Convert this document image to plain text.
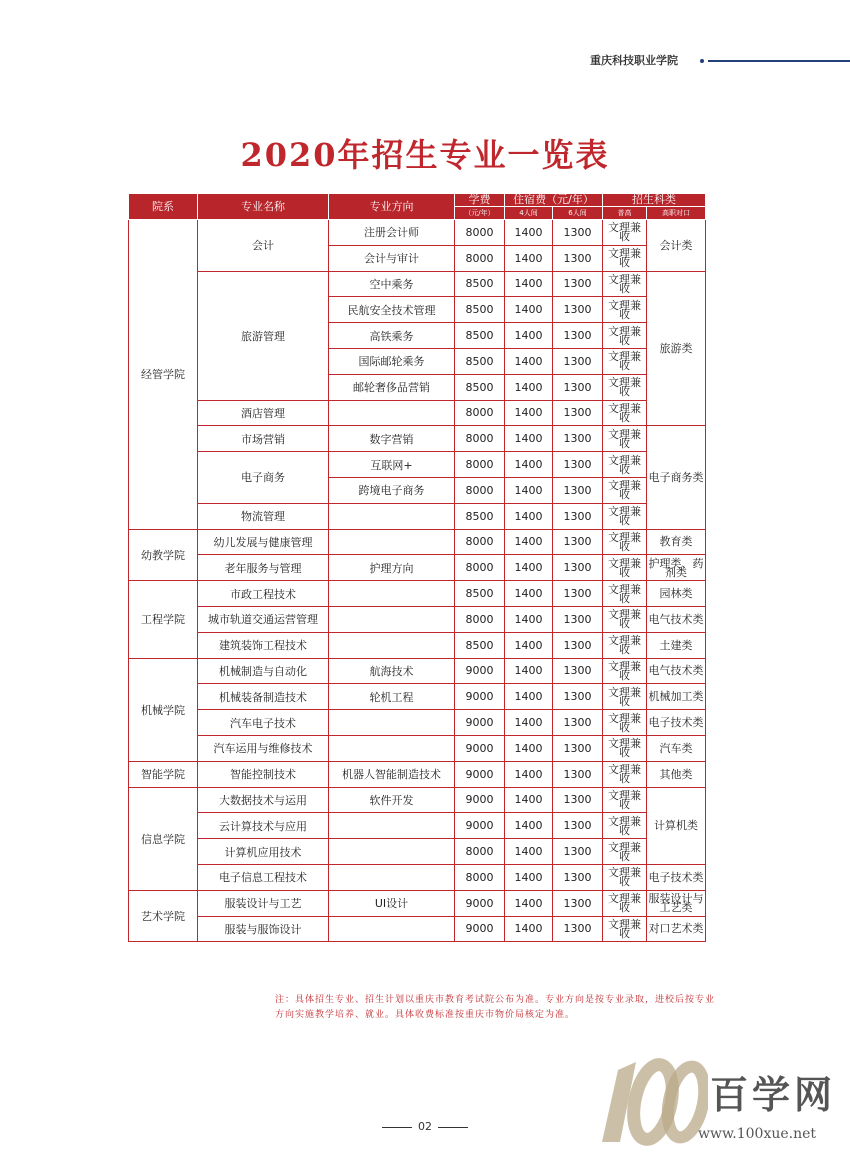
重庆科技职业学院
2020年招生专业一览表
院系	专业名称	专业方向	学费	住宿费（元/年）		招生科类	
			（元/年）	4人间	6人间	普高	高职对口
经管学院	会计	注册会计师	8000	1400	1300	文理兼收	会计类
		会计与审计	8000	1400	1300	文理兼收	
	旅游管理	空中乘务	8500	1400	1300	文理兼收	旅游类
		民航安全技术管理	8500	1400	1300	文理兼收	
		高铁乘务	8500	1400	1300	文理兼收	
		国际邮轮乘务	8500	1400	1300	文理兼收	
		邮轮奢侈品营销	8500	1400	1300	文理兼收	
	酒店管理		8000	1400	1300	文理兼收	
	市场营销	数字营销	8000	1400	1300	文理兼收	电子商务类
	电子商务	互联网+	8000	1400	1300	文理兼收	
		跨境电子商务	8000	1400	1300	文理兼收	
	物流管理		8500	1400	1300	文理兼收	
幼教学院	幼儿发展与健康管理		8000	1400	1300	文理兼收	教育类
	老年服务与管理	护理方向	8000	1400	1300	文理兼收	护理类、药剂类
工程学院	市政工程技术		8500	1400	1300	文理兼收	园林类
	城市轨道交通运营管理		8000	1400	1300	文理兼收	电气技术类
	建筑装饰工程技术		8500	1400	1300	文理兼收	土建类
机械学院	机械制造与自动化	航海技术	9000	1400	1300	文理兼收	电气技术类
	机械装备制造技术	轮机工程	9000	1400	1300	文理兼收	机械加工类
	汽车电子技术		9000	1400	1300	文理兼收	电子技术类
	汽车运用与维修技术		9000	1400	1300	文理兼收	汽车类
智能学院	智能控制技术	机器人智能制造技术	9000	1400	1300	文理兼收	其他类
信息学院	大数据技术与运用	软件开发	9000	1400	1300	文理兼收	计算机类
	云计算技术与应用		9000	1400	1300	文理兼收	
	计算机应用技术		8000	1400	1300	文理兼收	
	电子信息工程技术		8000	1400	1300	文理兼收	电子技术类
艺术学院	服装设计与工艺	UI设计	9000	1400	1300	文理兼收	服装设计与工艺类
	服装与服饰设计		9000	1400	1300	文理兼收	对口艺术类
注：具体招生专业、招生计划以重庆市教育考试院公布为准。专业方向是按专业录取，进校后按专业方向实施教学培养、就业。具体收费标准按重庆市物价局核定为准。
02
百学网
www.100xue.net
